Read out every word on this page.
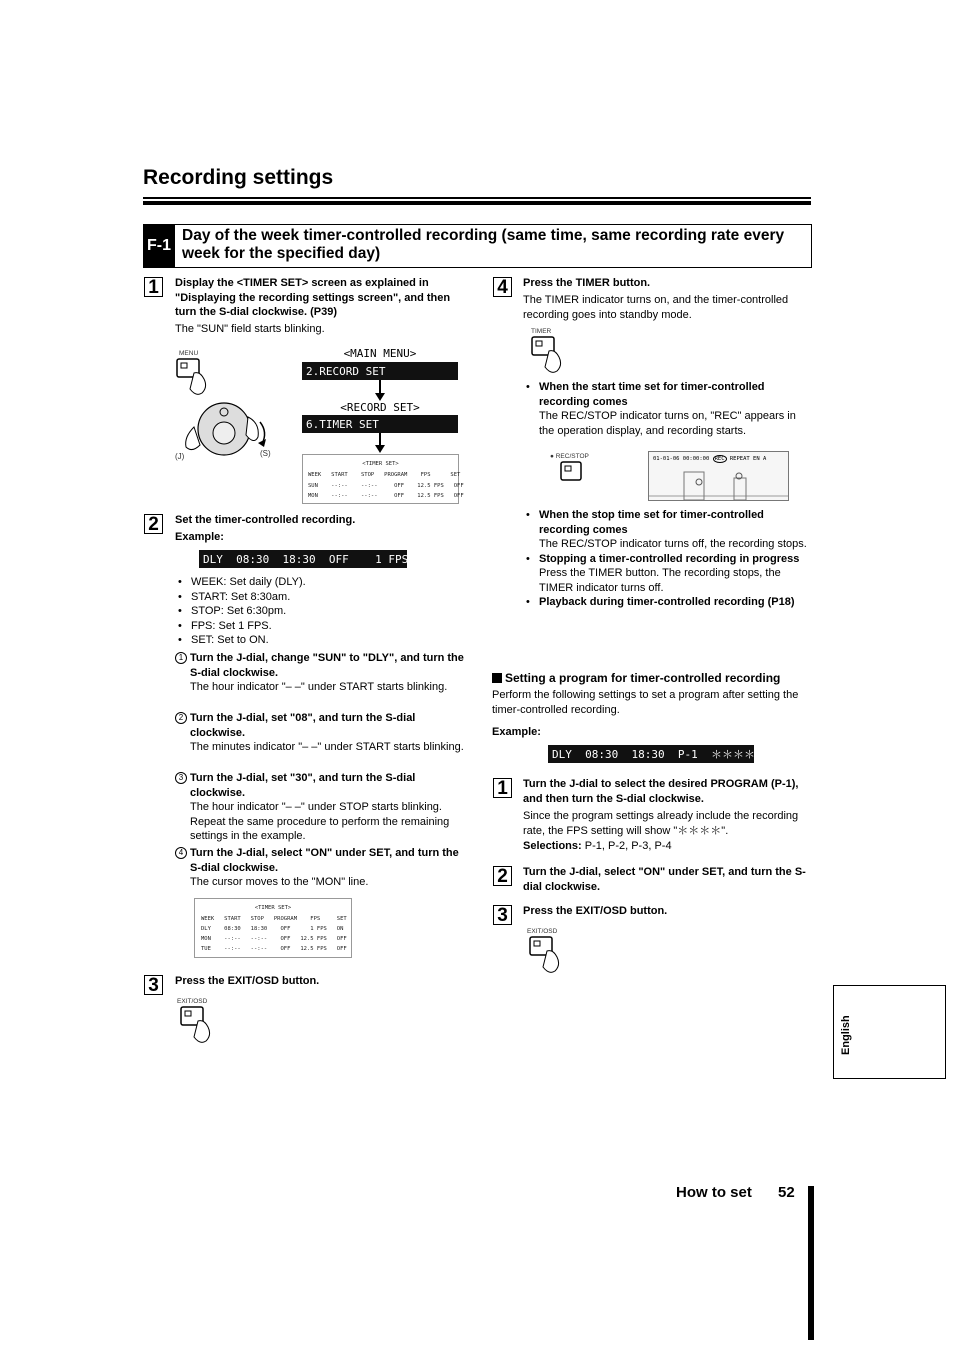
Recording settings
F-1
Day of the week timer-controlled recording (same time, same recording rate every week for the specified day)
1	Display the <TIMER SET> screen as explained in "Displaying the recording settings screen", and then turn the S-dial clockwise. (P39)
The "SUN" field starts blinking.
MENU
(J)	(S)
<MAIN MENU>
2.RECORD SET
<RECORD SET>
6.TIMER SET
<TIMER SET>
WEEK   START    STOP   PROGRAM    FPS      SET
SUN    --:--    --:--     OFF    12.5 FPS   OFF
MON    --:--    --:--     OFF    12.5 FPS   OFF
2	Set the timer-controlled recording.
Example:
DLY  08:30  18:30  OFF    1 FPS  ON
• WEEK: Set daily (DLY).
• START: Set 8:30am.
• STOP: Set 6:30pm.
• FPS: Set 1 FPS.
• SET: Set to ON.
1 Turn the J-dial, change "SUN" to "DLY", and turn the S-dial clockwise.
The hour indicator "– –" under START starts blinking.
2 Turn the J-dial, set "08", and turn the S-dial clockwise.
The minutes indicator "– –" under START starts blinking.
3 Turn the J-dial, set "30", and turn the S-dial clockwise.
The hour indicator "– –" under STOP starts blinking. Repeat the same procedure to perform the remaining settings in the example.
4 Turn the J-dial, select "ON" under SET, and turn the S-dial clockwise.
The cursor moves to the "MON" line.
<TIMER SET>
WEEK   START   STOP   PROGRAM    FPS     SET
DLY    08:30   18:30    OFF      1 FPS   ON
MON    --:--   --:--    OFF   12.5 FPS   OFF
TUE    --:--   --:--    OFF   12.5 FPS   OFF
3	Press the EXIT/OSD button.
EXIT/OSD
4	Press the TIMER button.
The TIMER indicator turns on, and the timer-controlled recording goes into standby mode.
TIMER
• When the start time set for timer-controlled recording comes
The REC/STOP indicator turns on, "REC" appears in the operation display, and recording starts.
● REC/STOP	01-01-06 00:00:00 REC REPEAT EN A
• When the stop time set for timer-controlled recording comes
The REC/STOP indicator turns off, the recording stops.
• Stopping a timer-controlled recording in progress
Press the TIMER button. The recording stops, the TIMER indicator turns off.
• Playback during timer-controlled recording (P18)
Setting a program for timer-controlled recording
Perform the following settings to set a program after setting the timer-controlled recording.
Example:
DLY  08:30  18:30  P-1  ＊＊＊＊ FPS  ON
1	Turn the J-dial to select the desired PROGRAM (P-1), and then turn the S-dial clockwise.
Since the program settings already include the recording rate, the FPS setting will show "＊＊＊＊".
Selections: P-1, P-2, P-3, P-4
2	Turn the J-dial, select "ON" under SET, and turn the S-dial clockwise.
3	Press the EXIT/OSD button.
EXIT/OSD
English
How to set 52
